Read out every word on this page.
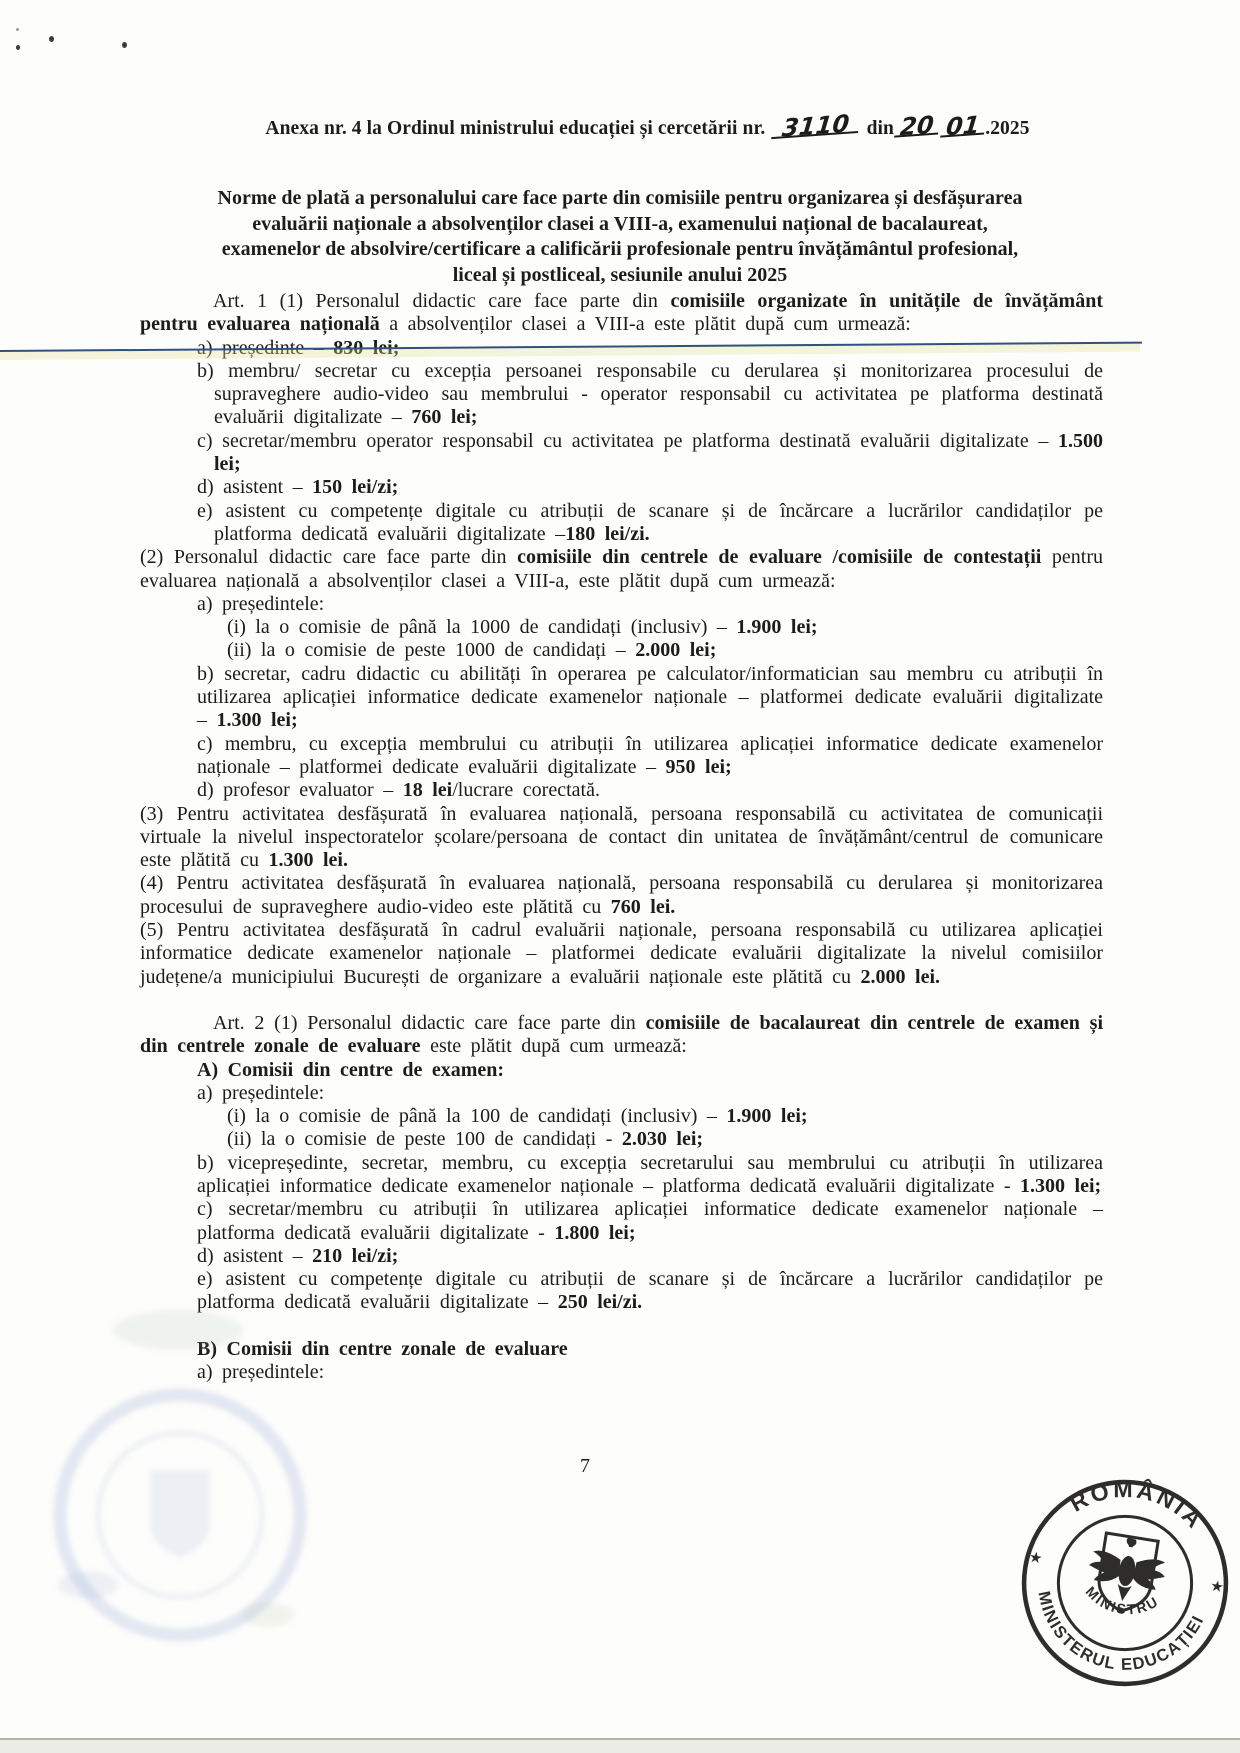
Anexa nr. 4 la Ordinul ministrului educației și cercetării nr. 3110 din 20 01 .2025
Norme de plată a personalului care face parte din comisiile pentru organizarea și desfășurarea
evaluării naționale a absolvenților clasei a VIII-a, examenului național de bacalaureat,
examenelor de absolvire/certificare a calificării profesionale pentru învățământul profesional,
liceal și postliceal, sesiunile anului 2025
Art. 1 (1) Personalul didactic care face parte din comisiile organizate în unitățile de învățământ pentru evaluarea națională a absolvenților clasei a VIII-a este plătit după cum urmează:
a) președinte – 830 lei;
b) membru/ secretar cu excepția persoanei responsabile cu derularea și monitorizarea procesului de supraveghere audio-video sau membrului - operator responsabil cu activitatea pe platforma destinată evaluării digitalizate – 760 lei;
c) secretar/membru operator responsabil cu activitatea pe platforma destinată evaluării digitalizate – 1.500 lei;
d) asistent – 150 lei/zi;
e) asistent cu competențe digitale cu atribuții de scanare și de încărcare a lucrărilor candidaților pe platforma dedicată evaluării digitalizate –180 lei/zi.
(2) Personalul didactic care face parte din comisiile din centrele de evaluare /comisiile de contestații pentru evaluarea națională a absolvenților clasei a VIII-a, este plătit după cum urmează:
a) președintele:
(i) la o comisie de până la 1000 de candidați (inclusiv) – 1.900 lei;
(ii) la o comisie de peste 1000 de candidați – 2.000 lei;
b) secretar, cadru didactic cu abilități în operarea pe calculator/informatician sau membru cu atribuții în utilizarea aplicației informatice dedicate examenelor naționale – platformei dedicate evaluării digitalizate – 1.300 lei;
c) membru, cu excepția membrului cu atribuții în utilizarea aplicației informatice dedicate examenelor naționale – platformei dedicate evaluării digitalizate – 950 lei;
d) profesor evaluator – 18 lei/lucrare corectată.
(3) Pentru activitatea desfășurată în evaluarea națională, persoana responsabilă cu activitatea de comunicații virtuale la nivelul inspectoratelor școlare/persoana de contact din unitatea de învățământ/centrul de comunicare este plătită cu 1.300 lei.
(4) Pentru activitatea desfășurată în evaluarea națională, persoana responsabilă cu derularea și monitorizarea procesului de supraveghere audio-video este plătită cu 760 lei.
(5) Pentru activitatea desfășurată în cadrul evaluării naționale, persoana responsabilă cu utilizarea aplicației informatice dedicate examenelor naționale – platformei dedicate evaluării digitalizate la nivelul comisiilor județene/a municipiului București de organizare a evaluării naționale este plătită cu 2.000 lei.
Art. 2 (1) Personalul didactic care face parte din comisiile de bacalaureat din centrele de examen și din centrele zonale de evaluare este plătit după cum urmează:
A) Comisii din centre de examen:
a) președintele:
(i) la o comisie de până la 100 de candidați (inclusiv) – 1.900 lei;
(ii) la o comisie de peste 100 de candidați - 2.030 lei;
b) vicepreședinte, secretar, membru, cu excepția secretarului sau membrului cu atribuții în utilizarea aplicației informatice dedicate examenelor naționale – platforma dedicată evaluării digitalizate - 1.300 lei;
c) secretar/membru cu atribuții în utilizarea aplicației informatice dedicate examenelor naționale – platforma dedicată evaluării digitalizate - 1.800 lei;
d) asistent – 210 lei/zi;
e) asistent cu competențe digitale cu atribuții de scanare și de încărcare a lucrărilor candidaților pe platforma dedicată evaluării digitalizate – 250 lei/zi.
B) Comisii din centre zonale de evaluare
a) președintele:
7
ROMÂNIA
MINISTERUL EDUCAȚIEI
MINISTRU
★
★
